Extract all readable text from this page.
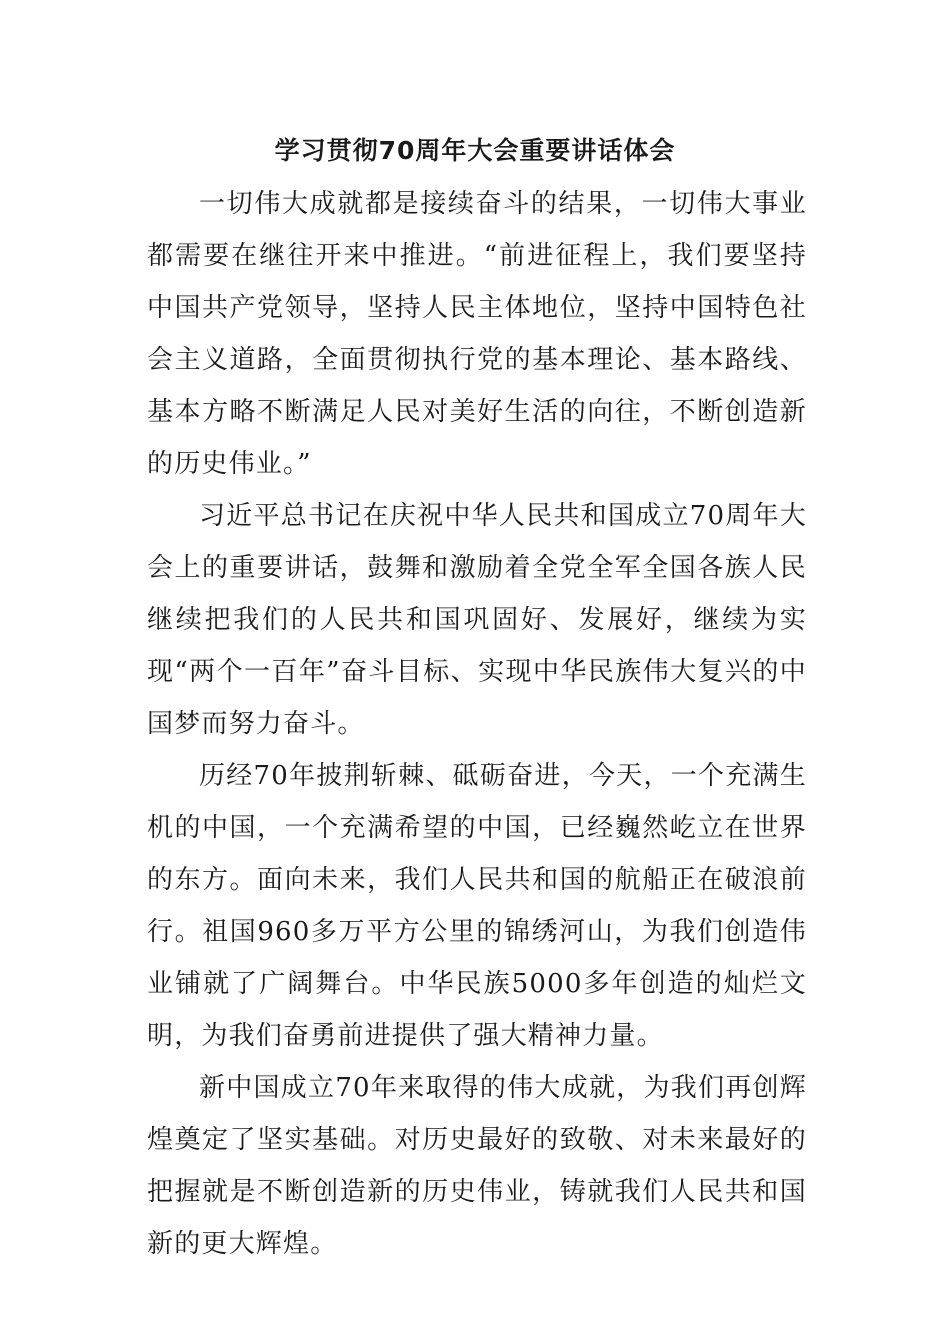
学习贯彻70周年大会重要讲话体会

一切伟大成就都是接续奋斗的结果，一切伟大事业都需要在继往开来中推进。“前进征程上，我们要坚持中国共产党领导，坚持人民主体地位，坚持中国特色社会主义道路，全面贯彻执行党的基本理论、基本路线、基本方略不断满足人民对美好生活的向往，不断创造新的历史伟业。”

习近平总书记在庆祝中华人民共和国成立70周年大会上的重要讲话，鼓舞和激励着全党全军全国各族人民继续把我们的人民共和国巩固好、发展好，继续为实现“两个一百年”奋斗目标、实现中华民族伟大复兴的中国梦而努力奋斗。

历经70年披荆斩棘、砥砺奋进，今天，一个充满生机的中国，一个充满希望的中国，已经巍然屹立在世界的东方。面向未来，我们人民共和国的航船正在破浪前行。祖国960多万平方公里的锦绣河山，为我们创造伟业铺就了广阔舞台。中华民族5000多年创造的灿烂文明，为我们奋勇前进提供了强大精神力量。

新中国成立70年来取得的伟大成就，为我们再创辉煌奠定了坚实基础。对历史最好的致敬、对未来最好的把握就是不断创造新的历史伟业，铸就我们人民共和国新的更大辉煌。
